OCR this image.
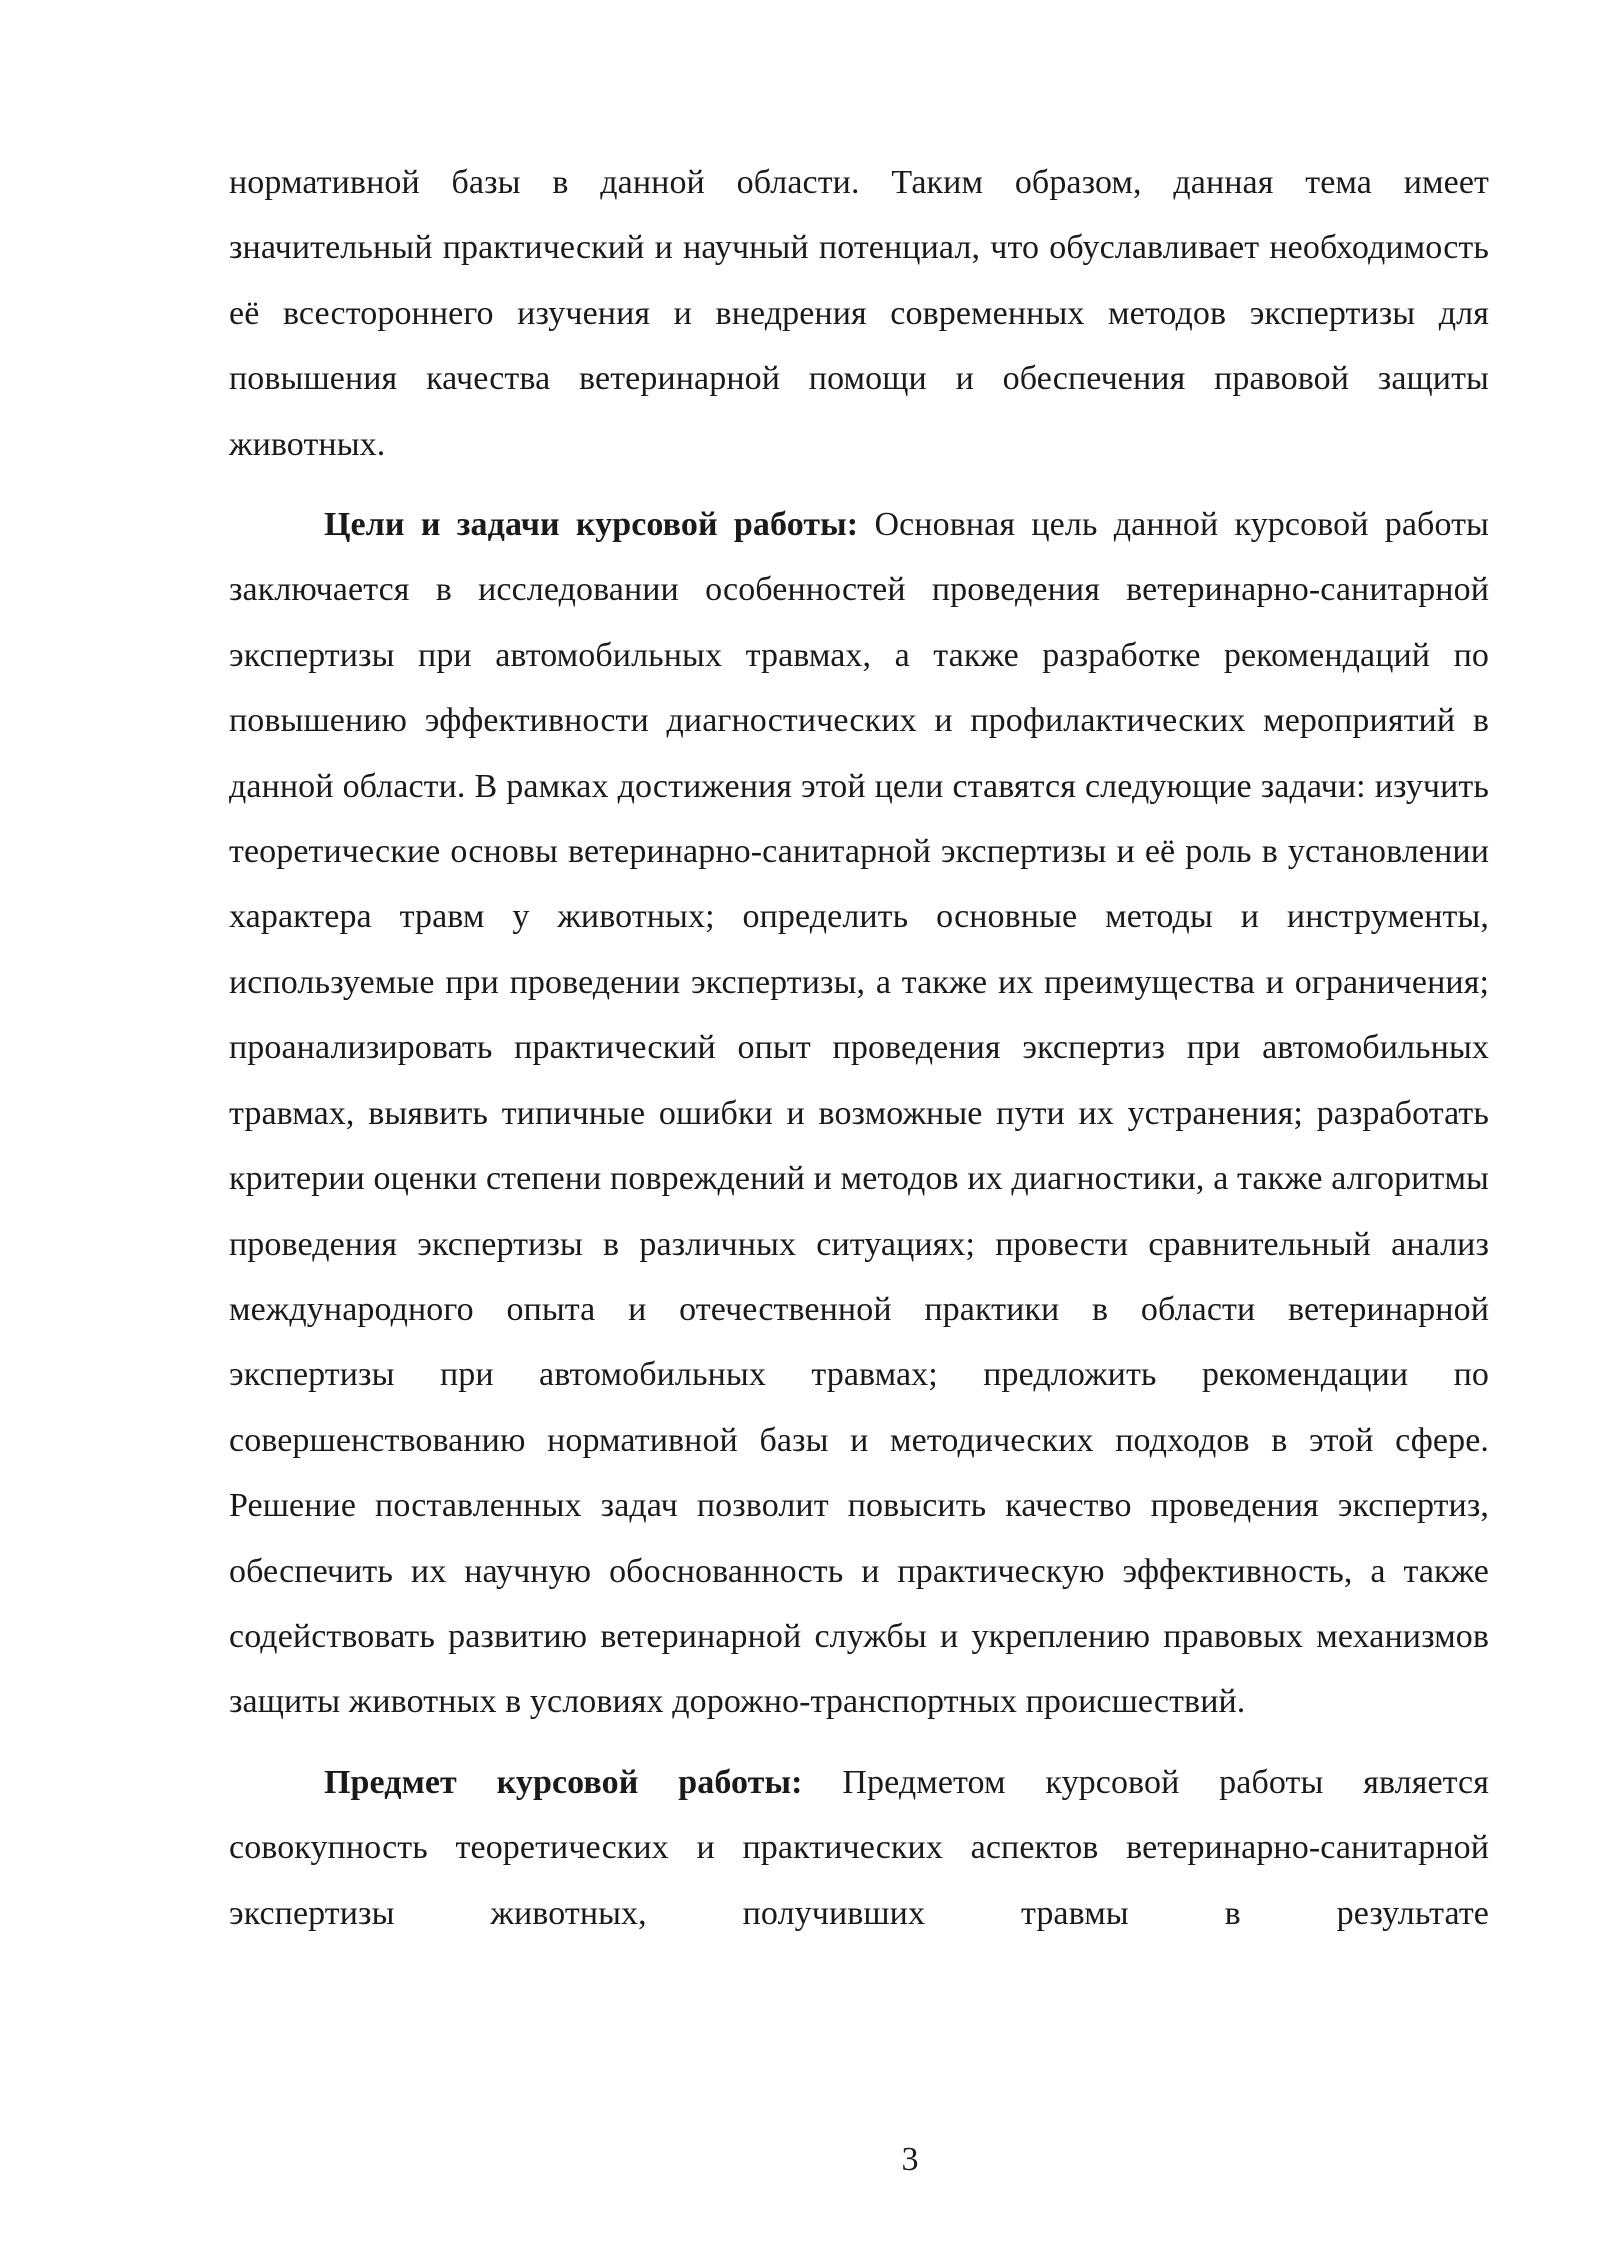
нормативной базы в данной области. Таким образом, данная тема имеет значительный практический и научный потенциал, что обуславливает необходимость её всестороннего изучения и внедрения современных методов экспертизы для повышения качества ветеринарной помощи и обеспечения правовой защиты животных.

Цели и задачи курсовой работы: Основная цель данной курсовой работы заключается в исследовании особенностей проведения ветеринарно-санитарной экспертизы при автомобильных травмах, а также разработке рекомендаций по повышению эффективности диагностических и профилактических мероприятий в данной области. В рамках достижения этой цели ставятся следующие задачи: изучить теоретические основы ветеринарно-санитарной экспертизы и её роль в установлении характера травм у животных; определить основные методы и инструменты, используемые при проведении экспертизы, а также их преимущества и ограничения; проанализировать практический опыт проведения экспертиз при автомобильных травмах, выявить типичные ошибки и возможные пути их устранения; разработать критерии оценки степени повреждений и методов их диагностики, а также алгоритмы проведения экспертизы в различных ситуациях; провести сравнительный анализ международного опыта и отечественной практики в области ветеринарной экспертизы при автомобильных травмах; предложить рекомендации по совершенствованию нормативной базы и методических подходов в этой сфере. Решение поставленных задач позволит повысить качество проведения экспертиз, обеспечить их научную обоснованность и практическую эффективность, а также содействовать развитию ветеринарной службы и укреплению правовых механизмов защиты животных в условиях дорожно-транспортных происшествий.

Предмет курсовой работы: Предметом курсовой работы является совокупность теоретических и практических аспектов ветеринарно-санитарной экспертизы животных, получивших травмы в результате

3
